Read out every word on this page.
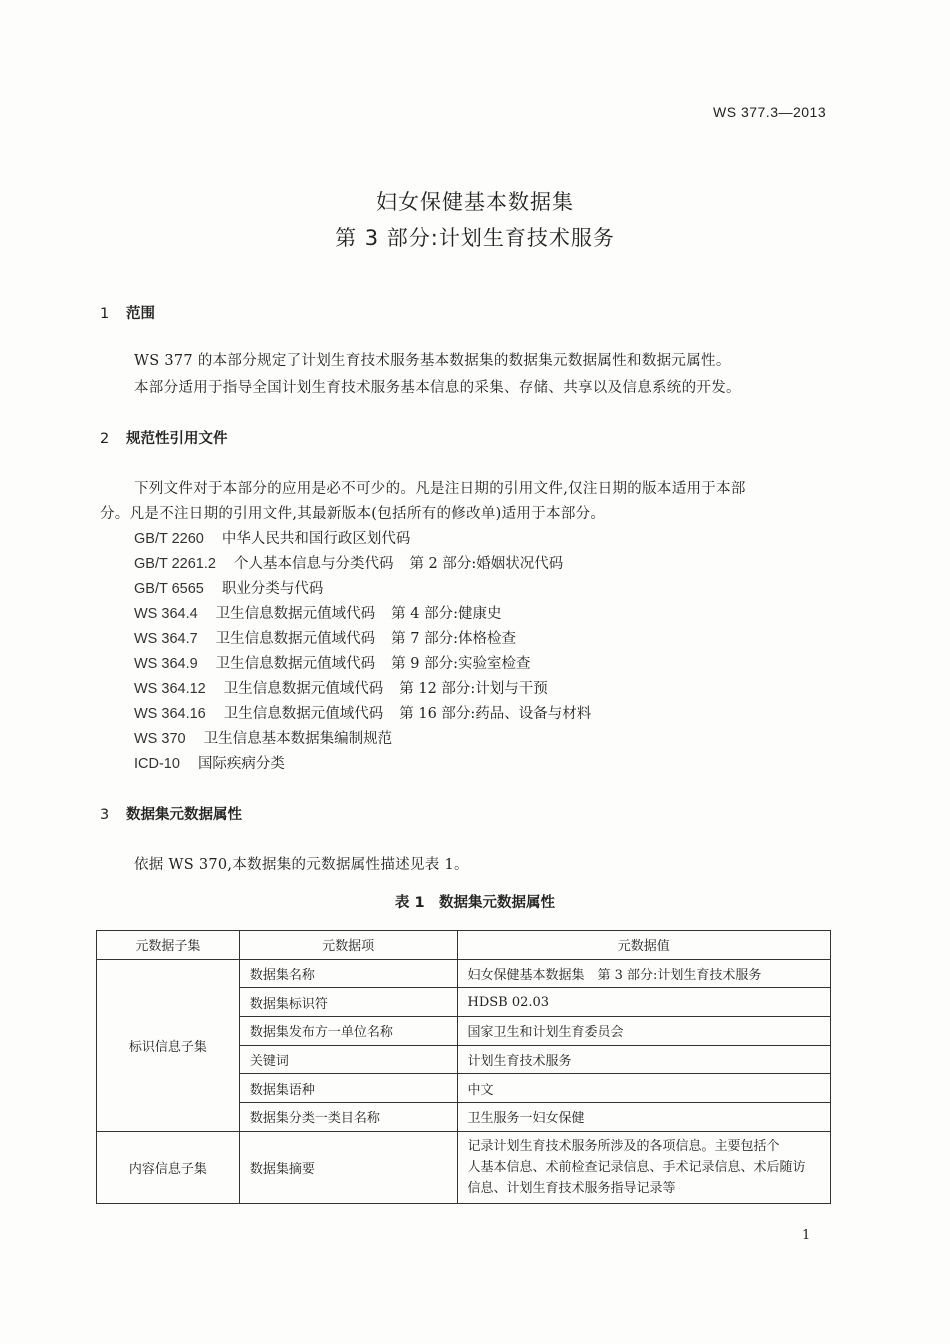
WS 377.3—2013
妇女保健基本数据集
第 3 部分:计划生育技术服务
1 范围
WS 377 的本部分规定了计划生育技术服务基本数据集的数据集元数据属性和数据元属性。
本部分适用于指导全国计划生育技术服务基本信息的采集、存储、共享以及信息系统的开发。
2 规范性引用文件
下列文件对于本部分的应用是必不可少的。凡是注日期的引用文件,仅注日期的版本适用于本部
分。凡是不注日期的引用文件,其最新版本(包括所有的修改单)适用于本部分。
GB/T 2260 中华人民共和国行政区划代码
GB/T 2261.2 个人基本信息与分类代码 第 2 部分:婚姻状况代码
GB/T 6565 职业分类与代码
WS 364.4 卫生信息数据元值域代码 第 4 部分:健康史
WS 364.7 卫生信息数据元值域代码 第 7 部分:体格检查
WS 364.9 卫生信息数据元值域代码 第 9 部分:实验室检查
WS 364.12 卫生信息数据元值域代码 第 12 部分:计划与干预
WS 364.16 卫生信息数据元值域代码 第 16 部分:药品、设备与材料
WS 370 卫生信息基本数据集编制规范
ICD-10 国际疾病分类
3 数据集元数据属性
依据 WS 370,本数据集的元数据属性描述见表 1。
表 1　数据集元数据属性
元数据子集	元数据项	元数据值
标识信息子集	数据集名称	妇女保健基本数据集　第 3 部分:计划生育技术服务
	数据集标识符	HDSB 02.03
	数据集发布方一单位名称	国家卫生和计划生育委员会
	关键词	计划生育技术服务
	数据集语种	中文
	数据集分类一类目名称	卫生服务一妇女保健
内容信息子集	数据集摘要	记录计划生育技术服务所涉及的各项信息。主要包括个
人基本信息、术前检查记录信息、手术记录信息、术后随访
信息、计划生育技术服务指导记录等
1
